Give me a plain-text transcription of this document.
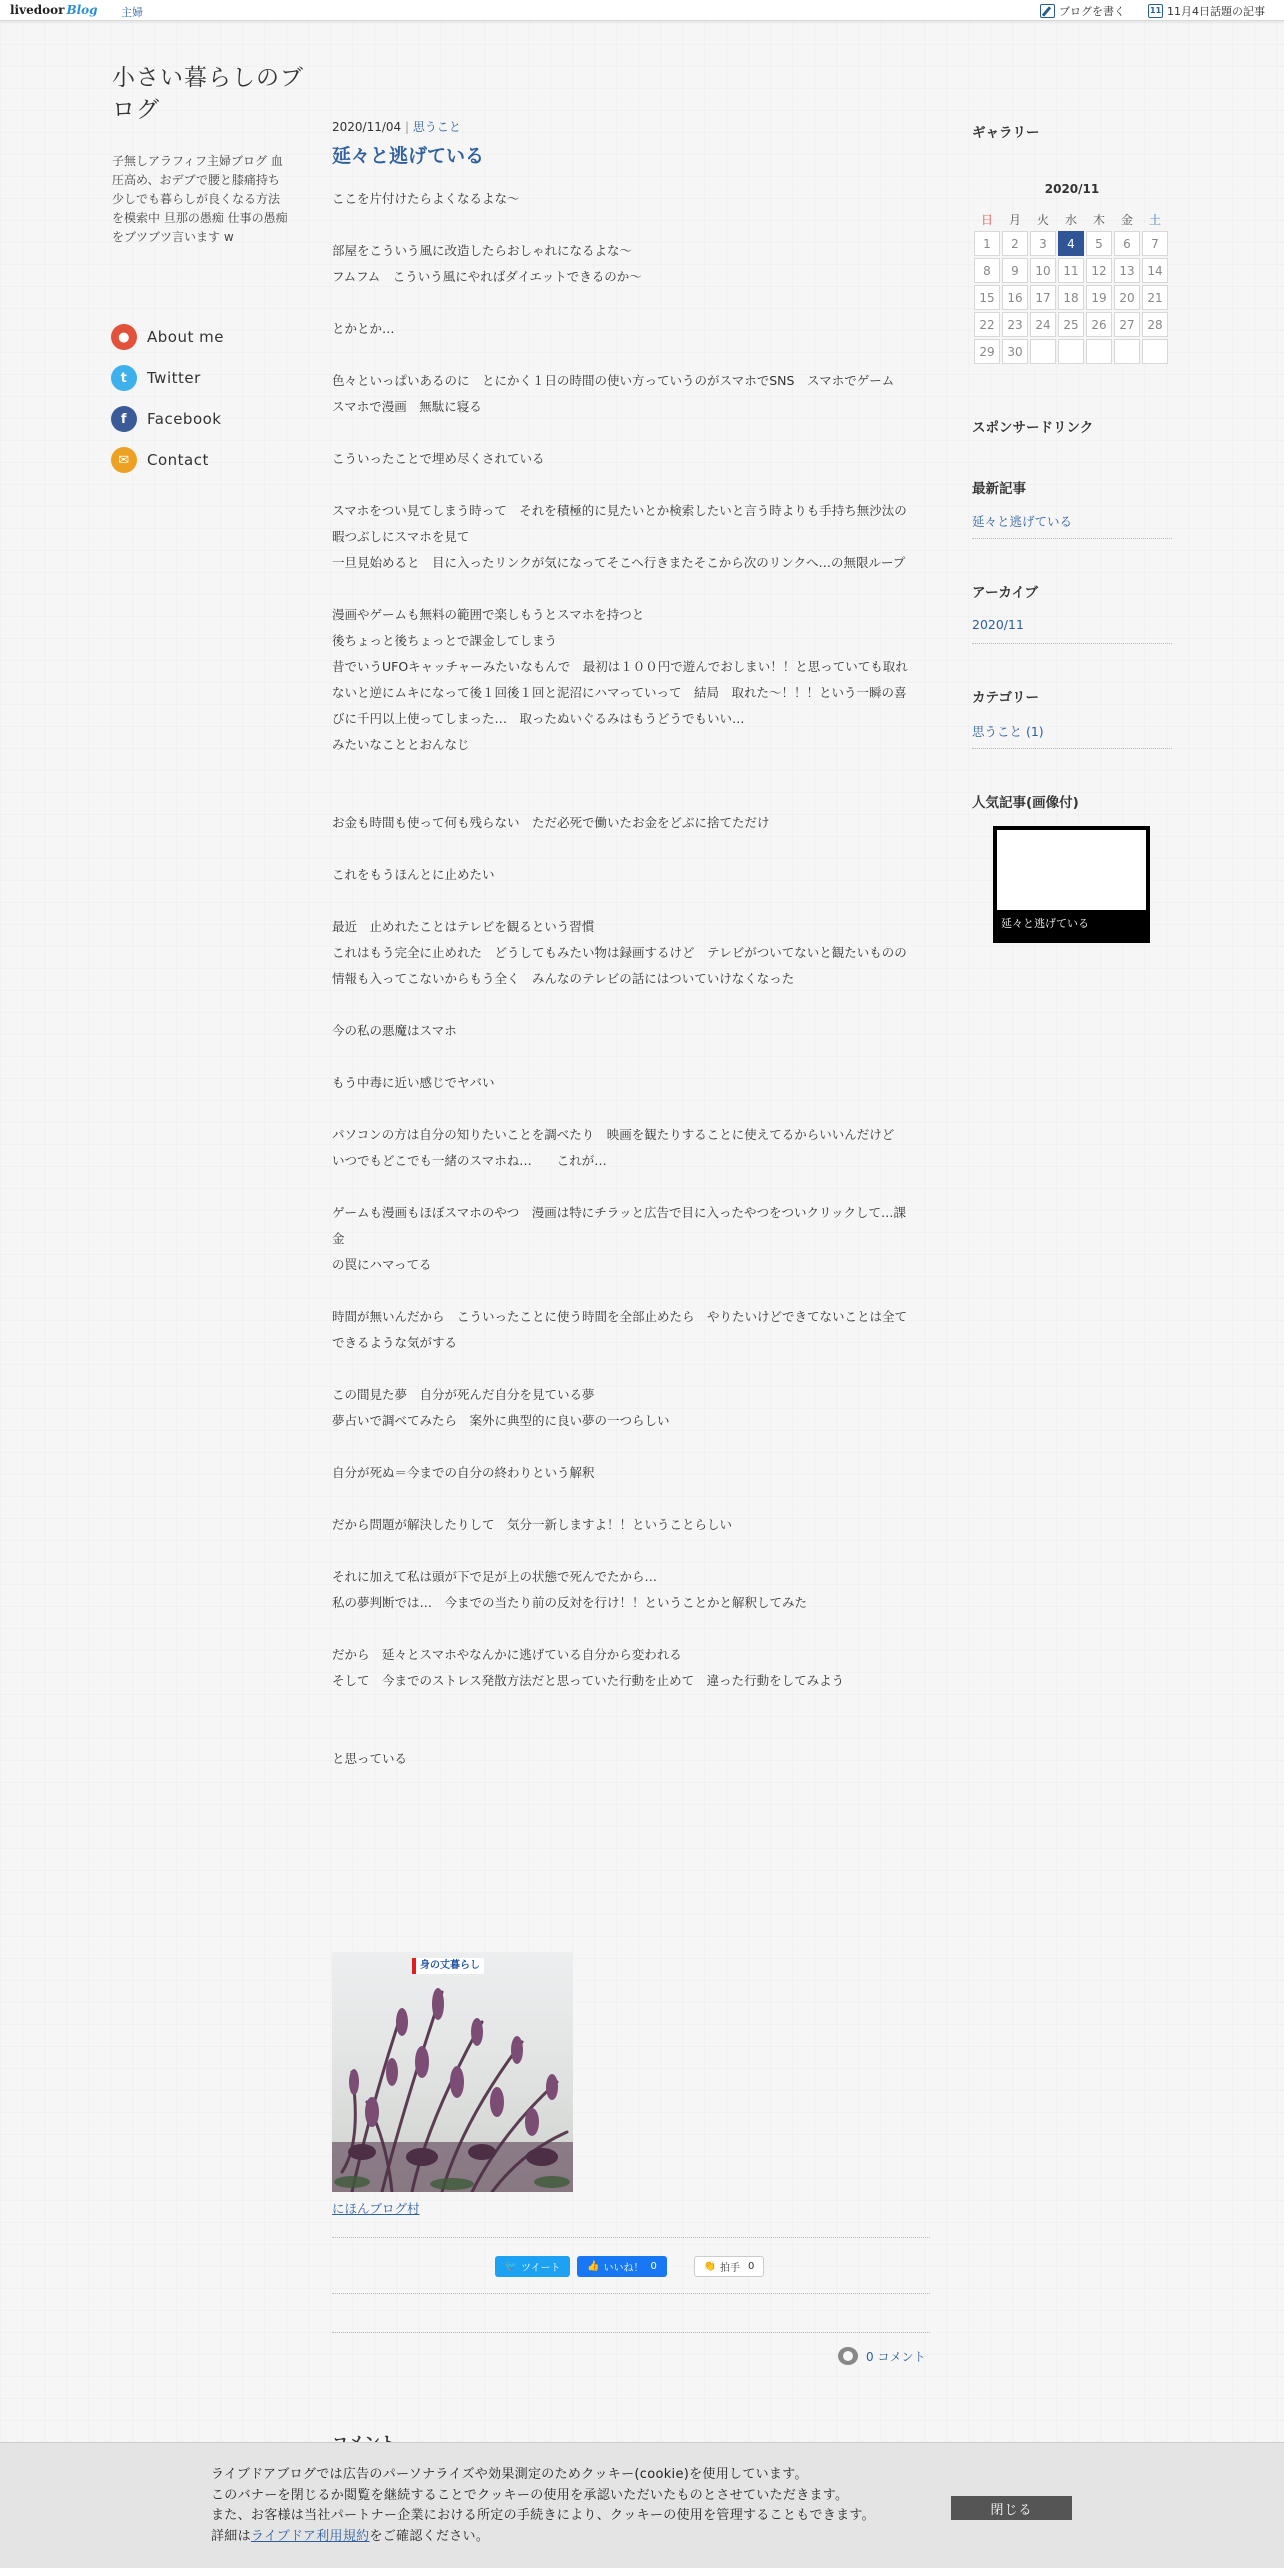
livedoor Blog 主婦	ブログを書く 11	11月4日話題の記事
小さい暮らしのブログ
子無しアラフィフ主婦ブログ 血圧高め、おデブで腰と膝痛持ち 少しでも暮らしが良くなる方法を模索中 旦那の愚痴 仕事の愚痴をブツブツ言います w
●	About me
t	Twitter
f	Facebook
✉	Contact
2020/11/04 | 思うこと
延々と逃げている
ここを片付けたらよくなるよな〜
部屋をこういう風に改造したらおしゃれになるよな〜
フムフム　こういう風にやればダイエットできるのか〜
とかとか…
色々といっぱいあるのに　とにかく１日の時間の使い方っていうのがスマホでSNS　スマホでゲーム
スマホで漫画　無駄に寝る
こういったことで埋め尽くされている
スマホをつい見てしまう時って　それを積極的に見たいとか検索したいと言う時よりも手持ち無沙汰の
暇つぶしにスマホを見て
一旦見始めると　目に入ったリンクが気になってそこへ行きまたそこから次のリンクへ…の無限ループ
漫画やゲームも無料の範囲で楽しもうとスマホを持つと
後ちょっと後ちょっとで課金してしまう
昔でいうUFOキャッチャーみたいなもんで　最初は１００円で遊んでおしまい！！と思っていても取れ
ないと逆にムキになって後１回後１回と泥沼にハマっていって　結局　取れた〜！！！という一瞬の喜
びに千円以上使ってしまった…　取ったぬいぐるみはもうどうでもいい…
みたいなこととおんなじ
お金も時間も使って何も残らない　ただ必死で働いたお金をどぶに捨てただけ
これをもうほんとに止めたい
最近　止めれたことはテレビを観るという習慣
これはもう完全に止めれた　どうしてもみたい物は録画するけど　テレビがついてないと観たいものの
情報も入ってこないからもう全く　みんなのテレビの話にはついていけなくなった
今の私の悪魔はスマホ
もう中毒に近い感じでヤバい
パソコンの方は自分の知りたいことを調べたり　映画を観たりすることに使えてるからいいんだけど
いつでもどこでも一緒のスマホね…　　これが…
ゲームも漫画もほぼスマホのやつ　漫画は特にチラッと広告で目に入ったやつをついクリックして…課
金
の罠にハマってる
時間が無いんだから　こういったことに使う時間を全部止めたら　やりたいけどできてないことは全て
できるような気がする
この間見た夢　自分が死んだ自分を見ている夢
夢占いで調べてみたら　案外に典型的に良い夢の一つらしい
自分が死ぬ＝今までの自分の終わりという解釈
だから問題が解決したりして　気分一新しますよ！！ということらしい
それに加えて私は頭が下で足が上の状態で死んでたから…
私の夢判断では…　今までの当たり前の反対を行け！！ということかと解釈してみた
だから　延々とスマホやなんかに逃げている自分から変われる
そして　今までのストレス発散方法だと思っていた行動を止めて　違った行動をしてみよう
と思っている
身の丈暮らし
にほんブログ村
🐦 ツイート	👍 いいね！ 0	👏 拍手 0
0 コメント
ギャラリー
2020/11
日	月	火	水	木	金	土
1	2	3	4	5	6	7
8	9	10	11	12	13	14
15	16	17	18	19	20	21
22	23	24	25	26	27	28
29	30					
スポンサードリンク
最新記事
延々と逃げている
アーカイブ
2020/11
カテゴリー
思うこと (1)
人気記事(画像付)
延々と逃げている
ライブドアブログでは広告のパーソナライズや効果測定のためクッキー(cookie)を使用しています。
このバナーを閉じるか閲覧を継続することでクッキーの使用を承認いただいたものとさせていただきます。
また、お客様は当社パートナー企業における所定の手続きにより、クッキーの使用を管理することもできます。
詳細はライブドア利用規約をご確認ください。
閉じる
